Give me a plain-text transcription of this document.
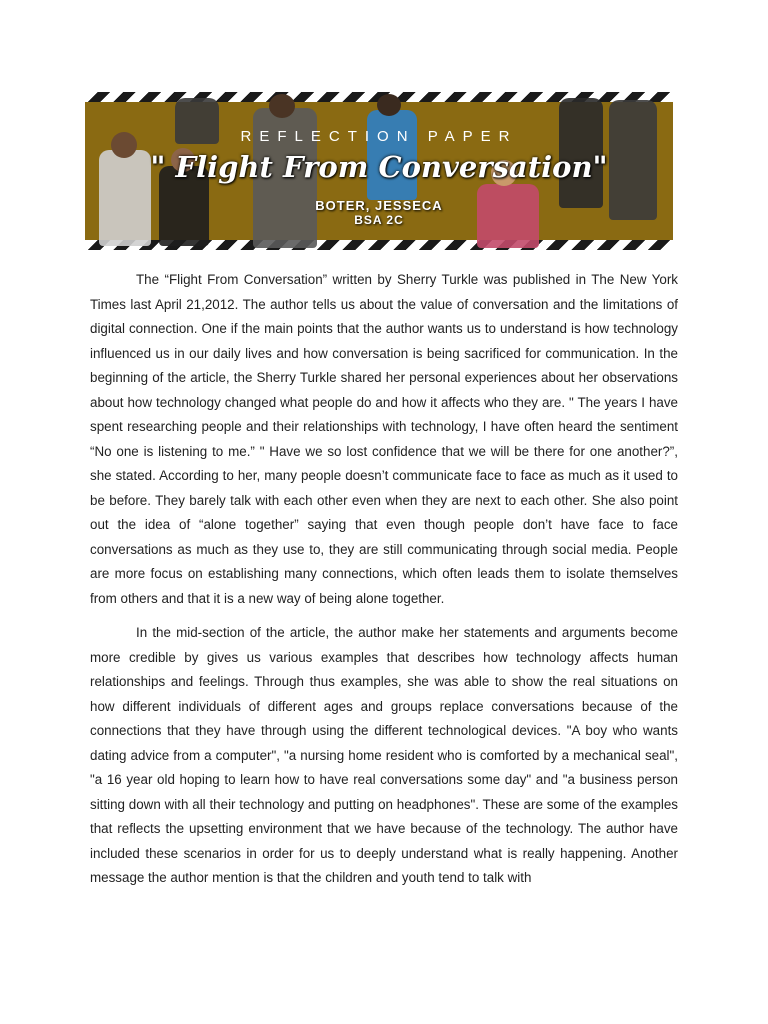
REFLECTION PAPER
" Flight From Conversation"
BOTER, JESSECA
BSA 2C

The “Flight From Conversation” written by Sherry Turkle was published in The New York Times last April 21,2012. The author tells us about the value of conversation and the limitations of digital connection. One if the main points that the author wants us to understand is how technology influenced us in our daily lives and how conversation is being sacrificed for communication. In the beginning of the article, the Sherry Turkle shared her personal experiences about her observations about how technology changed what people do and how it affects who they are. " The years I have spent researching people and their relationships with technology, I have often heard the sentiment “No one is listening to me.” " Have we so lost confidence that we will be there for one another?”, she stated. According to her, many people doesn’t communicate face to face as much as it used to be before. They barely talk with each other even when they are next to each other. She also point out the idea of “alone together” saying that even though people don’t have face to face conversations as much as they use to, they are still communicating through social media. People are more focus on establishing many connections, which often leads them to isolate themselves from others and that it is a new way of being alone together.

In the mid-section of the article, the author make her statements and arguments become more credible by gives us various examples that describes how technology affects human relationships and feelings. Through thus examples, she was able to show the real situations on how different individuals of different ages and groups replace conversations because of the connections that they have through using the different technological devices. "A boy who wants dating advice from a computer", "a nursing home resident who is comforted by a mechanical seal", "a 16 year old hoping to learn how to have real conversations some day" and "a business person sitting down with all their technology and putting on headphones". These are some of the examples that reflects the upsetting environment that we have because of the technology. The author have included these scenarios in order for us to deeply understand what is really happening. Another message the author mention is that the children and youth tend to talk with
